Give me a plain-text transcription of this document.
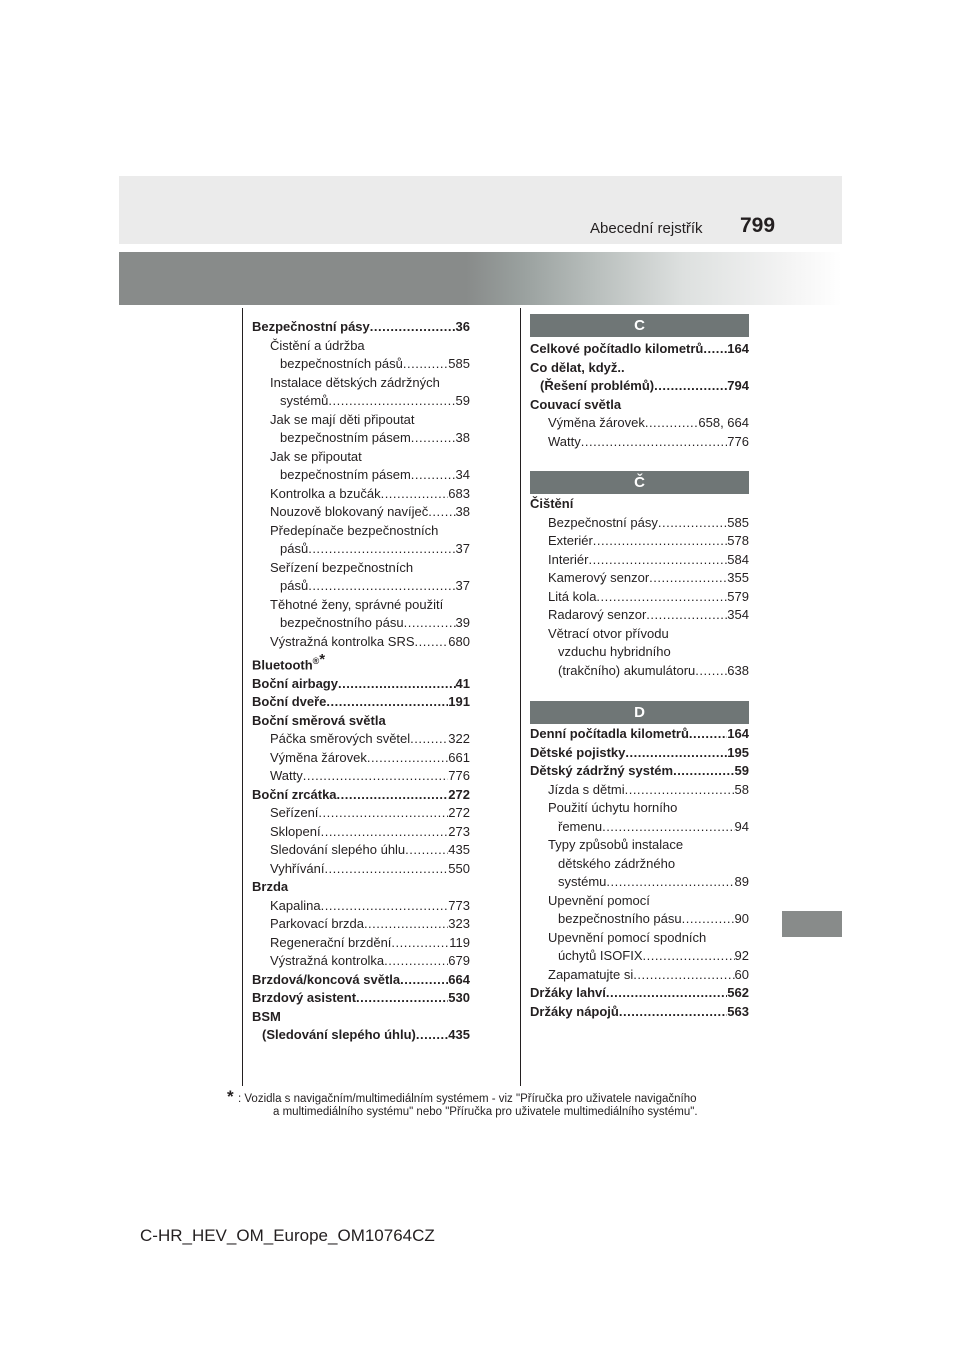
Abecední rejstřík 799
Bezpečnostní pásy .....	36
Čistění a údržba
bezpečnostních pásů .....	585
Instalace dětských zádržných
systémů .....	59
Jak se mají děti připoutat
bezpečnostním pásem .....	38
Jak se připoutat
bezpečnostním pásem .....	34
Kontrolka a bzučák .....	683
Nouzově blokovaný navíječ ..... 38
Předepínače bezpečnostních
pásů .....	37
Seřízení bezpečnostních
pásů .....	37
Těhotné ženy, správné použití
bezpečnostního pásu .....	39
Výstražná kontrolka SRS .....	680
Bluetooth®*
Boční airbagy .....	41
Boční dveře .....	191
Boční směrová světla
Páčka směrových světel .....	322
Výměna žárovek .....	661
Watty .....	776
Boční zrcátka .....	272
Seřízení .....	272
Sklopení .....	273
Sledování slepého úhlu .....	435
Vyhřívání .....	550
Brzda
Kapalina .....	773
Parkovací brzda .....	323
Regenerační brzdění .....	119
Výstražná kontrolka .....	679
Brzdová/koncová světla .....	664
Brzdový asistent .....	530
BSM
(Sledování slepého úhlu) ..... 435
C
Celkové počítadlo kilometrů ..... 164
Co dělat, když..
(Řešení problémů) .....	794
Couvací světla
Výměna žárovek .....	658, 664
Watty .....	776
Č
Čištění
Bezpečnostní pásy .....	585
Exteriér .....	578
Interiér .....	584
Kamerový senzor .....	355
Litá kola .....	579
Radarový senzor .....	354
Větrací otvor přívodu
vzduchu hybridního
(trakčního) akumulátoru ..... 638
D
Denní počítadla kilometrů .....	164
Dětské pojistky .....	195
Dětský zádržný systém .....	59
Jízda s dětmi .....	58
Použití úchytu horního
řemenu .....	94
Typy způsobů instalace
dětského zádržného
systému .....	89
Upevnění pomocí
bezpečnostního pásu .....	90
Upevnění pomocí spodních
úchytů ISOFIX .....	92
Zapamatujte si .....	60
Držáky lahví .....	562
Držáky nápojů .....	563
* : Vozidla s navigačním/multimediálním systémem - viz "Příručka pro uživatele navigačního
a multimediálního systému" nebo "Příručka pro uživatele multimediálního systému".
C-HR_HEV_OM_Europe_OM10764CZ
